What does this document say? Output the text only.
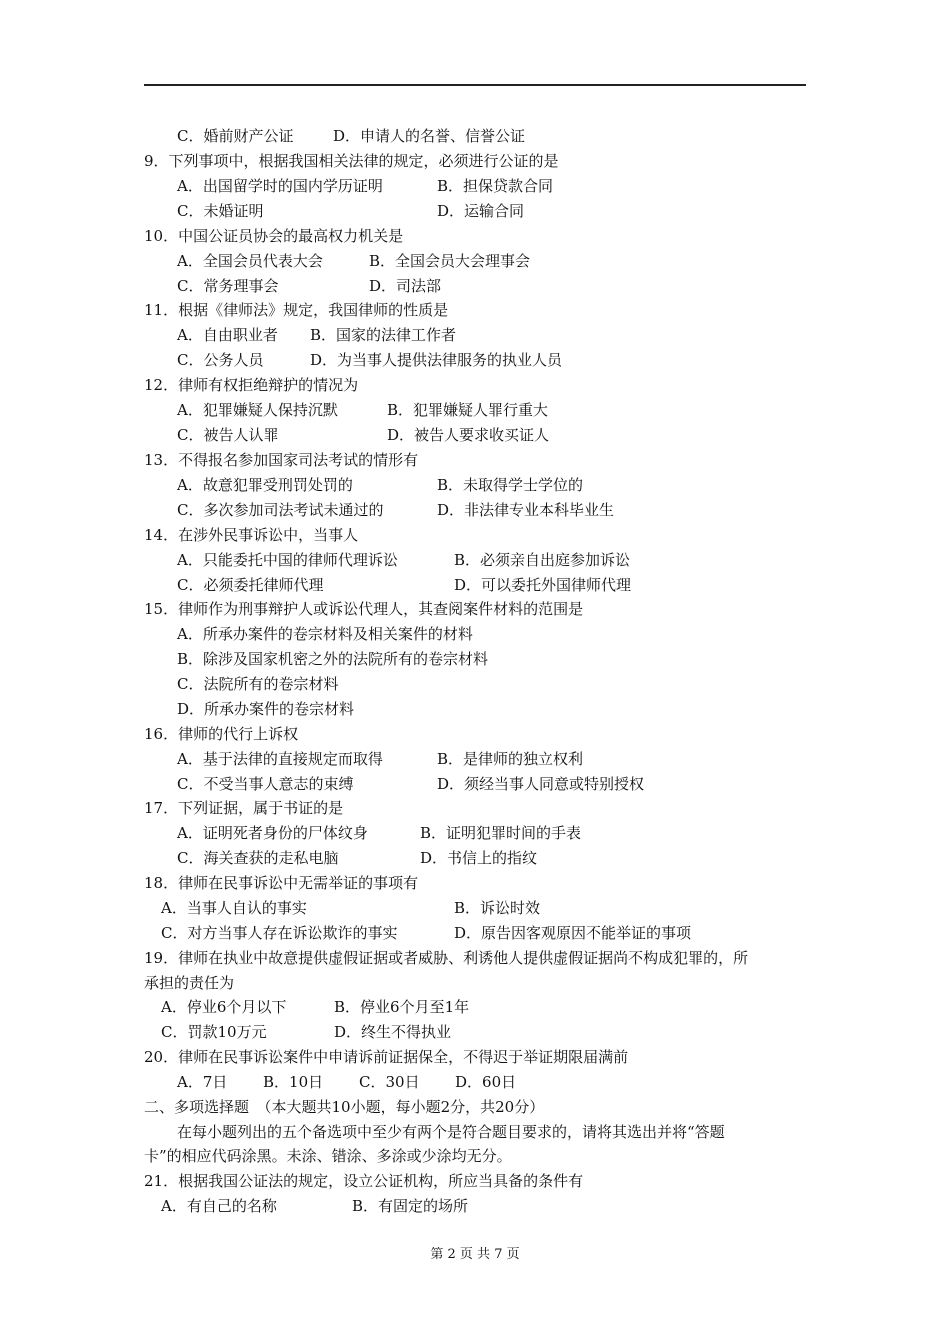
C．婚前财产公证	D．申请人的名誉、信誉公证
9．下列事项中，根据我国相关法律的规定，必须进行公证的是
A．出国留学时的国内学历证明	B．担保贷款合同
C．未婚证明	D．运输合同
10．中国公证员协会的最高权力机关是
A．全国会员代表大会	B．全国会员大会理事会
C．常务理事会	D．司法部
11．根据《律师法》规定，我国律师的性质是
A．自由职业者 B．国家的法律工作者
C．公务人员	D．为当事人提供法律服务的执业人员
12．律师有权拒绝辩护的情况为
A．犯罪嫌疑人保持沉默	B．犯罪嫌疑人罪行重大
C．被告人认罪	D．被告人要求收买证人
13．不得报名参加国家司法考试的情形有
A．故意犯罪受刑罚处罚的	B．未取得学士学位的
C．多次参加司法考试未通过的	D．非法律专业本科毕业生
14．在涉外民事诉讼中，当事人
A．只能委托中国的律师代理诉讼	B．必须亲自出庭参加诉讼
C．必须委托律师代理	D．可以委托外国律师代理
15．律师作为刑事辩护人或诉讼代理人，其查阅案件材料的范围是
A．所承办案件的卷宗材料及相关案件的材料
B．除涉及国家机密之外的法院所有的卷宗材料
C．法院所有的卷宗材料
D．所承办案件的卷宗材料
16．律师的代行上诉权
A．基于法律的直接规定而取得	B．是律师的独立权利
C．不受当事人意志的束缚	D．须经当事人同意或特别授权
17．下列证据，属于书证的是
A．证明死者身份的尸体纹身	B．证明犯罪时间的手表
C．海关查获的走私电脑	D．书信上的指纹
18．律师在民事诉讼中无需举证的事项有
A．当事人自认的事实	B．诉讼时效
C．对方当事人存在诉讼欺诈的事实	D．原告因客观原因不能举证的事项
19．律师在执业中故意提供虚假证据或者威胁、利诱他人提供虚假证据尚不构成犯罪的，所
承担的责任为
A．停业6个月以下	B．停业6个月至1年
C．罚款10万元	D．终生不得执业
20．律师在民事诉讼案件中申请诉前证据保全，不得迟于举证期限届满前
A．7日 B．10日 C．30日 D．60日
二、多项选择题　（本大题共10小题，每小题2分，共20分）
在每小题列出的五个备选项中至少有两个是符合题目要求的，请将其选出并将“答题
卡”的相应代码涂黑。未涂、错涂、多涂或少涂均无分。
21．根据我国公证法的规定，设立公证机构，所应当具备的条件有
A．有自己的名称	B．有固定的场所
第 2 页 共 7 页
